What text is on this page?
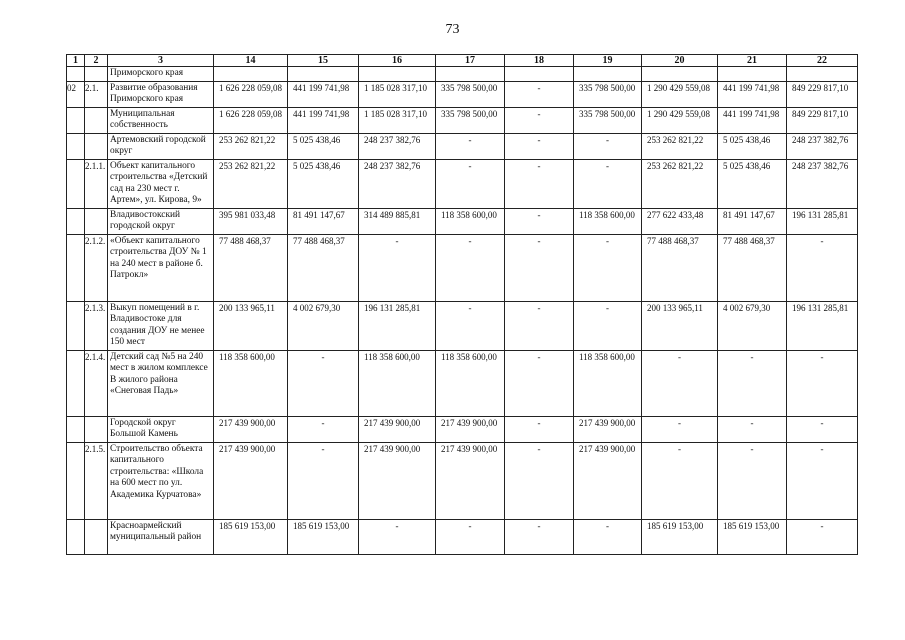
73
1	2	3	14	15	16	17	18	19	20	21	22
		Приморского края									
02	2.1.	Развитие образования Приморского края	1 626 228 059,08	441 199 741,98	1 185 028 317,10	335 798 500,00	-	335 798 500,00	1 290 429 559,08	441 199 741,98	849 229 817,10
		Муниципальная собственность	1 626 228 059,08	441 199 741,98	1 185 028 317,10	335 798 500,00	-	335 798 500,00	1 290 429 559,08	441 199 741,98	849 229 817,10
		Артемовский городской округ	253 262 821,22	5 025 438,46	248 237 382,76	-	-	-	253 262 821,22	5 025 438,46	248 237 382,76
	2.1.1.	Объект капитального строительства «Детский сад на 230 мест г. Артем», ул. Кирова, 9»	253 262 821,22	5 025 438,46	248 237 382,76	-	-	-	253 262 821,22	5 025 438,46	248 237 382,76
		Владивостокский городской округ	395 981 033,48	81 491 147,67	314 489 885,81	118 358 600,00	-	118 358 600,00	277 622 433,48	81 491 147,67	196 131 285,81
	2.1.2.	«Объект капитального строительства ДОУ № 1 на 240 мест в районе б. Патрокл»	77 488 468,37	77 488 468,37	-	-	-	-	77 488 468,37	77 488 468,37	-
	2.1.3.	Выкуп помещений в г. Владивостоке для создания ДОУ не менее 150 мест	200 133 965,11	4 002 679,30	196 131 285,81	-	-	-	200 133 965,11	4 002 679,30	196 131 285,81
	2.1.4.	Детский сад №5 на 240 мест в жилом комплексе В жилого района «Снеговая Падь»	118 358 600,00	-	118 358 600,00	118 358 600,00	-	118 358 600,00	-	-	-
		Городской округ Большой Камень	217 439 900,00	-	217 439 900,00	217 439 900,00	-	217 439 900,00	-	-	-
	2.1.5.	Строительство объекта капитального строительства: «Школа на 600 мест по ул. Академика Курчатова»	217 439 900,00	-	217 439 900,00	217 439 900,00	-	217 439 900,00	-	-	-
		Красноармейский муниципальный район	185 619 153,00	185 619 153,00	-	-	-	-	185 619 153,00	185 619 153,00	-
